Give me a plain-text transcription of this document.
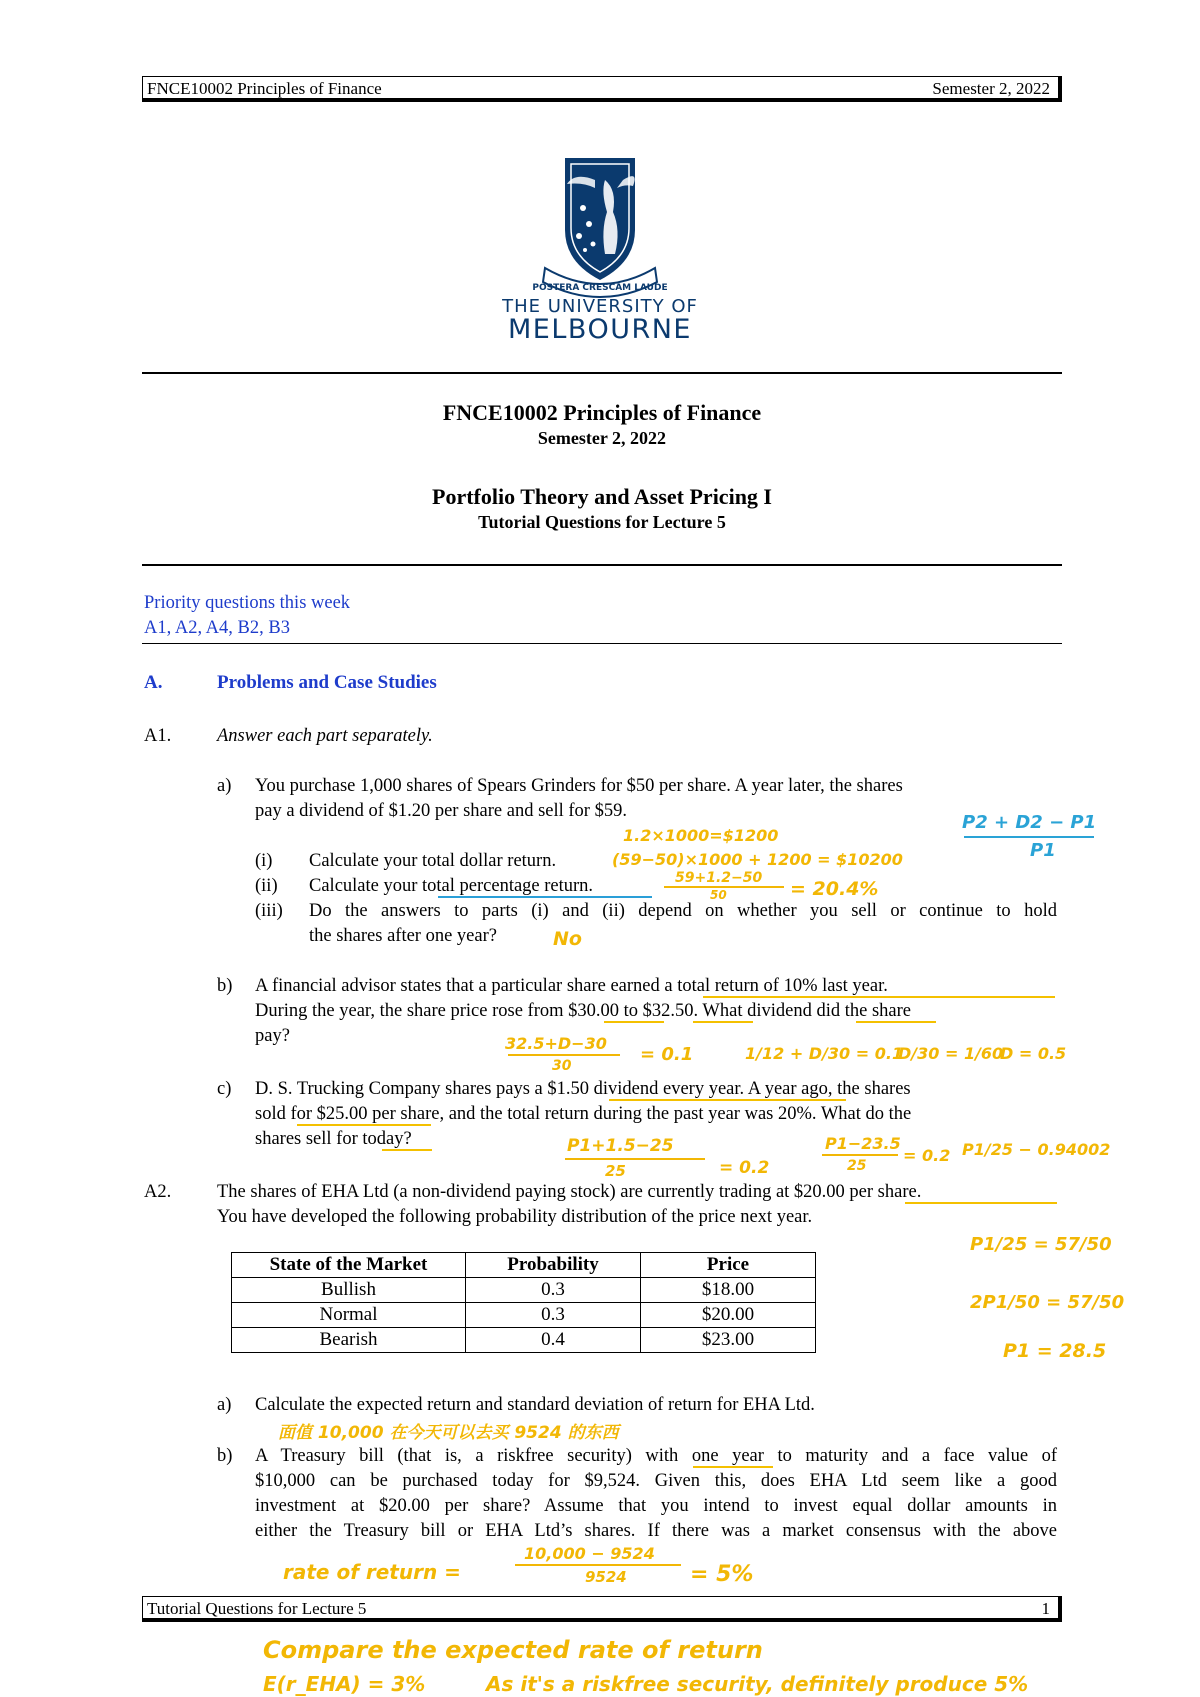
FNCE10002 Principles of Finance	Semester 2, 2022
POSTERA CRESCAM LAUDE
THE UNIVERSITY OF
MELBOURNE
FNCE10002 Principles of Finance
Semester 2, 2022
Portfolio Theory and Asset Pricing I
Tutorial Questions for Lecture 5
Priority questions this week
A1, A2, A4, B2, B3
A.	Problems and Case Studies
A1. Answer each part separately.
a) You purchase 1,000 shares of Spears Grinders for $50 per share. A year later, the shares
pay a dividend of $1.20 per share and sell for $59.
(i) Calculate your total dollar return.
(ii) Calculate your total percentage return.
(iii) Do the answers to parts (i) and (ii) depend on whether you sell or continue to hold
the shares after one year?
b) A financial advisor states that a particular share earned a total return of 10% last year.
During the year, the share price rose from $30.00 to $32.50. What dividend did the share
pay?
c) D. S. Trucking Company shares pays a $1.50 dividend every year. A year ago, the shares
sold for $25.00 per share, and the total return during the past year was 20%. What do the
shares sell for today?
A2. The shares of EHA Ltd (a non-dividend paying stock) are currently trading at $20.00 per share.
You have developed the following probability distribution of the price next year.
State of the Market	Probability	Price
Bullish	0.3	$18.00
Normal	0.3	$20.00
Bearish	0.4	$23.00
a) Calculate the expected return and standard deviation of return for EHA Ltd.
b) A Treasury bill (that is, a riskfree security) with one year to maturity and a face value of
$10,000 can be purchased today for $9,524. Given this, does EHA Ltd seem like a good
investment at $20.00 per share? Assume that you intend to invest equal dollar amounts in
either the Treasury bill or EHA Ltd’s shares. If there was a market consensus with the above
Tutorial Questions for Lecture 5	1
1.2×1000=$1200
(59−50)×1000 + 1200 = $10200
59+1.2−50
50	= 20.4%
No
32.5+D−30
30
= 0.1	1/12 + D/30 = 0.1
D/30 = 1/60
D = 0.5
P1+1.5−25
25	= 0.2
P1−23.5
25
= 0.2 P1/25 − 0.94002
P1/25 = 57/50
2P1/50 = 57/50
P1 = 28.5
面值 10,000 在今天可以去买 9524 的东西
rate of return =
10,000 − 9524
9524	= 5%
Compare the expected rate of return
E(r_EHA) = 3%	As it's a riskfree security, definitely produce 5%
P2 + D2 − P1
P1
